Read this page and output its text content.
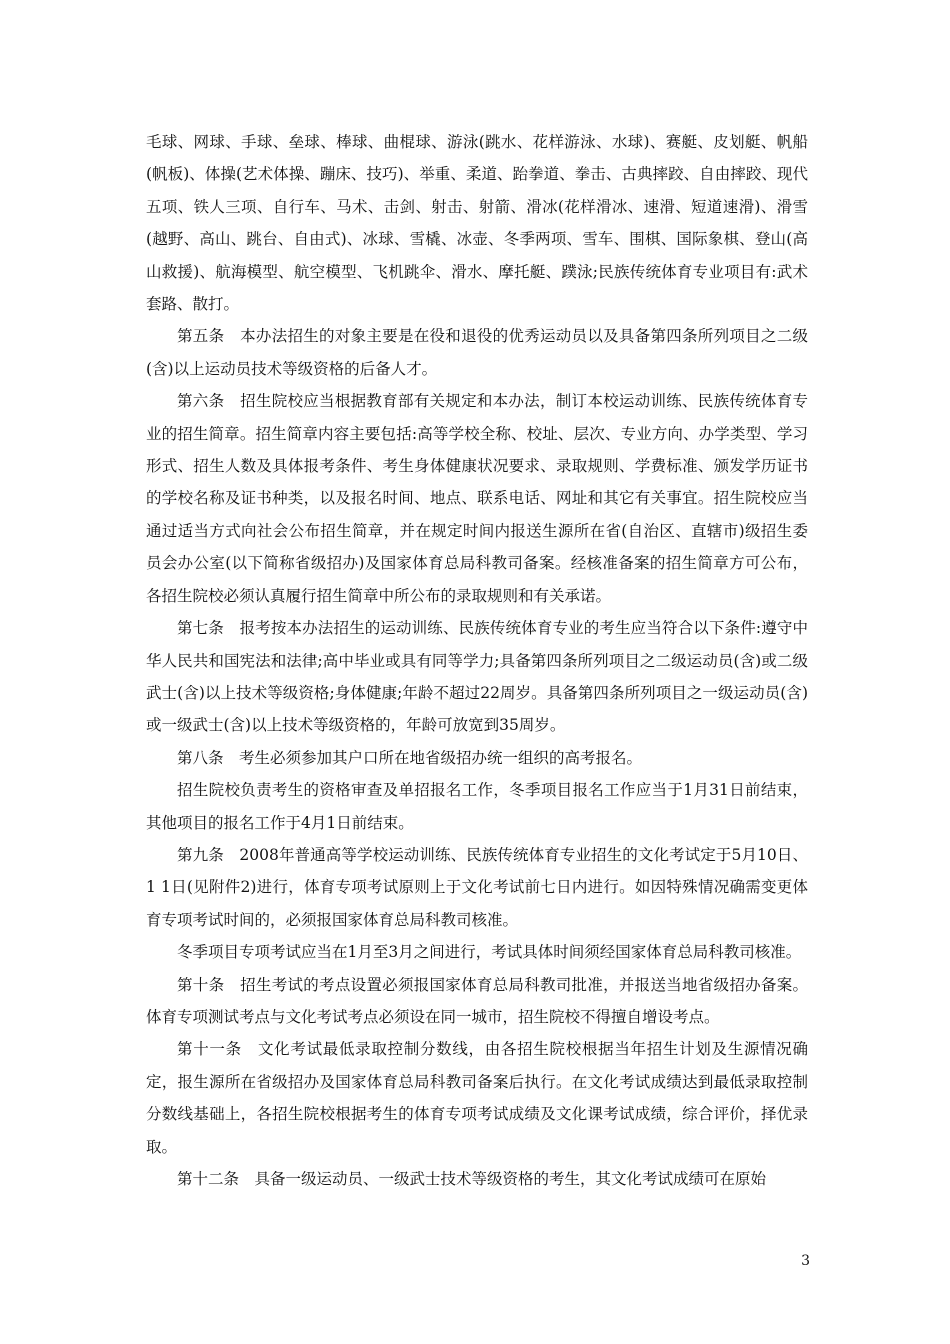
毛球、网球、手球、垒球、棒球、曲棍球、游泳(跳水、花样游泳、水球)、赛艇、皮划艇、帆船(帆板)、体操(艺术体操、蹦床、技巧)、举重、柔道、跆拳道、拳击、古典摔跤、自由摔跤、现代五项、铁人三项、自行车、马术、击剑、射击、射箭、滑冰(花样滑冰、速滑、短道速滑)、滑雪(越野、高山、跳台、自由式)、冰球、雪橇、冰壶、冬季两项、雪车、围棋、国际象棋、登山(高山救援)、航海模型、航空模型、飞机跳伞、滑水、摩托艇、蹼泳;民族传统体育专业项目有:武术套路、散打。

第五条　本办法招生的对象主要是在役和退役的优秀运动员以及具备第四条所列项目之二级(含)以上运动员技术等级资格的后备人才。

第六条　招生院校应当根据教育部有关规定和本办法，制订本校运动训练、民族传统体育专业的招生简章。招生简章内容主要包括:高等学校全称、校址、层次、专业方向、办学类型、学习形式、招生人数及具体报考条件、考生身体健康状况要求、录取规则、学费标准、颁发学历证书的学校名称及证书种类，以及报名时间、地点、联系电话、网址和其它有关事宜。招生院校应当通过适当方式向社会公布招生简章，并在规定时间内报送生源所在省(自治区、直辖市)级招生委员会办公室(以下简称省级招办)及国家体育总局科教司备案。经核准备案的招生简章方可公布，各招生院校必须认真履行招生简章中所公布的录取规则和有关承诺。

第七条　报考按本办法招生的运动训练、民族传统体育专业的考生应当符合以下条件:遵守中华人民共和国宪法和法律;高中毕业或具有同等学力;具备第四条所列项目之二级运动员(含)或二级武士(含)以上技术等级资格;身体健康;年龄不超过22周岁。具备第四条所列项目之一级运动员(含)或一级武士(含)以上技术等级资格的，年龄可放宽到35周岁。

第八条　考生必须参加其户口所在地省级招办统一组织的高考报名。

招生院校负责考生的资格审查及单招报名工作，冬季项目报名工作应当于1月31日前结束，其他项目的报名工作于4月1日前结束。

第九条　2008年普通高等学校运动训练、民族传统体育专业招生的文化考试定于5月10日、1 1日(见附件2)进行，体育专项考试原则上于文化考试前七日内进行。如因特殊情况确需变更体育专项考试时间的，必须报国家体育总局科教司核准。

冬季项目专项考试应当在1月至3月之间进行，考试具体时间须经国家体育总局科教司核准。

第十条　招生考试的考点设置必须报国家体育总局科教司批准，并报送当地省级招办备案。体育专项测试考点与文化考试考点必须设在同一城市，招生院校不得擅自增设考点。

第十一条　文化考试最低录取控制分数线，由各招生院校根据当年招生计划及生源情况确定，报生源所在省级招办及国家体育总局科教司备案后执行。在文化考试成绩达到最低录取控制分数线基础上，各招生院校根据考生的体育专项考试成绩及文化课考试成绩，综合评价，择优录取。

第十二条　具备一级运动员、一级武士技术等级资格的考生，其文化考试成绩可在原始

3
